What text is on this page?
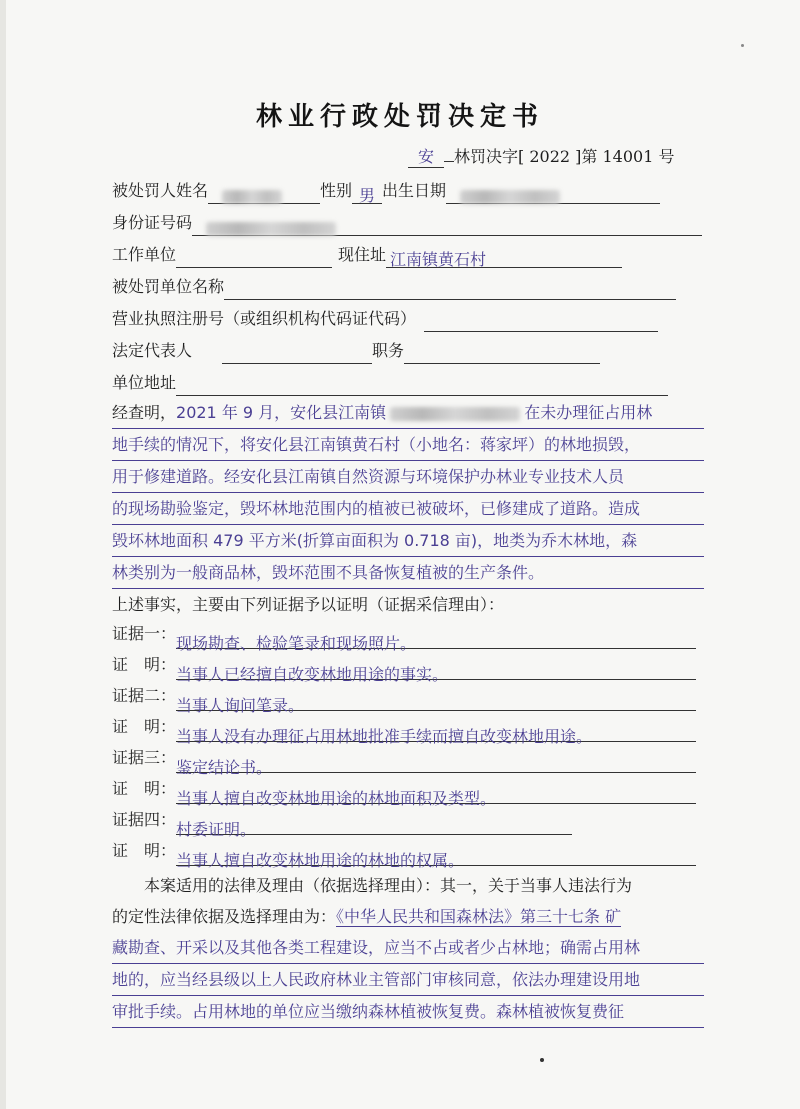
林业行政处罚决定书
安 林罚决字[ 2022 ]第 14001 号
被处罚人姓名	性别 男 出生日期
身份证号码
工作单位	现住址 江南镇黄石村
被处罚单位名称
营业执照注册号（或组织机构代码证代码）
法定代表人	职务
单位地址
经查明，2021 年 9 月，安化县江南镇	在未办理征占用林
地手续的情况下，将安化县江南镇黄石村（小地名：蒋家坪）的林地损毁，
用于修建道路。经安化县江南镇自然资源与环境保护办林业专业技术人员
的现场勘验鉴定，毁坏林地范围内的植被已被破坏，已修建成了道路。造成
毁坏林地面积 479 平方米(折算亩面积为 0.718 亩)，地类为乔木林地，森
林类别为一般商品林，毁坏范围不具备恢复植被的生产条件。
上述事实，主要由下列证据予以证明（证据采信理由）：
证据一：现场勘查、检验笔录和现场照片。
证　明：当事人已经擅自改变林地用途的事实。
证据二：当事人询问笔录。
证　明：当事人没有办理征占用林地批准手续而擅自改变林地用途。
证据三：鉴定结论书。
证　明：当事人擅自改变林地用途的林地面积及类型。
证据四：村委证明。
证　明：当事人擅自改变林地用途的林地的权属。
本案适用的法律及理由（依据选择理由）：其一，关于当事人违法行为
的定性法律依据及选择理由为：《中华人民共和国森林法》第三十七条 矿
藏勘查、开采以及其他各类工程建设，应当不占或者少占林地；确需占用林
地的，应当经县级以上人民政府林业主管部门审核同意，依法办理建设用地
审批手续。占用林地的单位应当缴纳森林植被恢复费。森林植被恢复费征
